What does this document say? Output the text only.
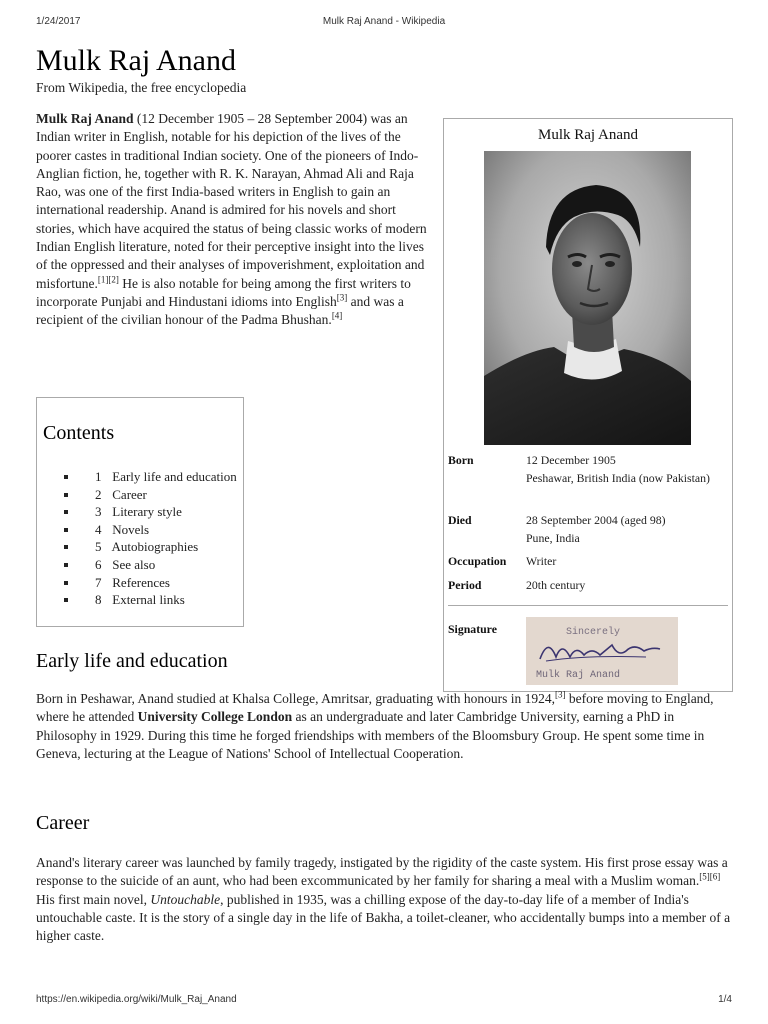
1/24/2017	Mulk Raj Anand - Wikipedia
Mulk Raj Anand
From Wikipedia, the free encyclopedia

Mulk Raj Anand (12 December 1905 – 28 September 2004) was an Indian writer in English, notable for his depiction of the lives of the poorer castes in traditional Indian society. One of the pioneers of Indo-Anglian fiction, he, together with R. K. Narayan, Ahmad Ali and Raja Rao, was one of the first India-based writers in English to gain an international readership. Anand is admired for his novels and short stories, which have acquired the status of being classic works of modern Indian English literature, noted for their perceptive insight into the lives of the oppressed and their analyses of impoverishment, exploitation and misfortune.[1][2] He is also notable for being among the first writers to incorporate Punjabi and Hindustani idioms into English[3] and was a recipient of the civilian honour of the Padma Bhushan.[4]

Contents
1 Early life and education
2 Career
3 Literary style
4 Novels
5 Autobiographies
6 See also
7 References
8 External links
Mulk Raj Anand
Born	12 December 1905
Peshawar, British India (now Pakistan)
Died	28 September 2004 (aged 98)
Pune, India
Occupation	Writer
Period	20th century
Signature	Sincerely
Mulk Raj Anand
Early life and education

Born in Peshawar, Anand studied at Khalsa College, Amritsar, graduating with honours in 1924,[3] before moving to England, where he attended University College London as an undergraduate and later Cambridge University, earning a PhD in Philosophy in 1929. During this time he forged friendships with members of the Bloomsbury Group. He spent some time in Geneva, lecturing at the League of Nations' School of Intellectual Cooperation.

Career

Anand's literary career was launched by family tragedy, instigated by the rigidity of the caste system. His first prose essay was a response to the suicide of an aunt, who had been excommunicated by her family for sharing a meal with a Muslim woman.[5][6] His first main novel, Untouchable, published in 1935, was a chilling expose of the day-to-day life of a member of India's untouchable caste. It is the story of a single day in the life of Bakha, a toilet-cleaner, who accidentally bumps into a member of a higher caste.

https://en.wikipedia.org/wiki/Mulk_Raj_Anand	1/4
